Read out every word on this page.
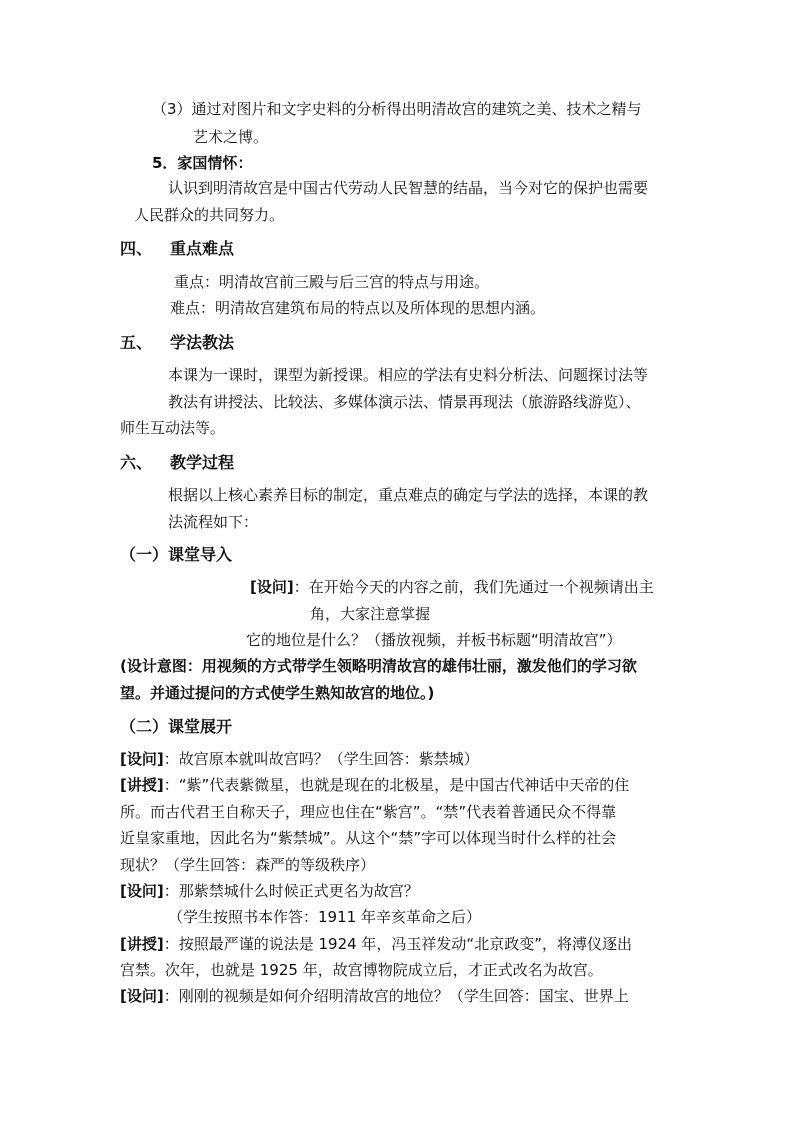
（3）通过对图片和文字史料的分析得出明清故宫的建筑之美、技术之精与
艺术之博。
5．家国情怀：
认识到明清故宫是中国古代劳动人民智慧的结晶，当今对它的保护也需要
人民群众的共同努力。
四、 重点难点
重点：明清故宫前三殿与后三宫的特点与用途。
难点：明清故宫建筑布局的特点以及所体现的思想内涵。
五、 学法教法
本课为一课时，课型为新授课。相应的学法有史料分析法、问题探讨法等
教法有讲授法、比较法、多媒体演示法、情景再现法（旅游路线游览）、
师生互动法等。
六、 教学过程
根据以上核心素养目标的制定，重点难点的确定与学法的选择，本课的教
法流程如下：
（一）课堂导入
[设问]：在开始今天的内容之前，我们先通过一个视频请出主
角，大家注意掌握
它的地位是什么？（播放视频，并板书标题“明清故宫”）
(设计意图：用视频的方式带学生领略明清故宫的雄伟壮丽，激发他们的学习欲
望。并通过提问的方式使学生熟知故宫的地位。)
（二）课堂展开
[设问]：故宫原本就叫故宫吗？（学生回答：紫禁城）
[讲授]：“紫”代表紫微星，也就是现在的北极星，是中国古代神话中天帝的住
所。而古代君王自称天子，理应也住在“紫宫”。“禁”代表着普通民众不得靠
近皇家重地，因此名为“紫禁城”。从这个“禁”字可以体现当时什么样的社会
现状？（学生回答：森严的等级秩序）
[设问]：那紫禁城什么时候正式更名为故宫？
（学生按照书本作答：1911 年辛亥革命之后）
[讲授]：按照最严谨的说法是 1924 年，冯玉祥发动“北京政变”，将溥仪逐出
宫禁。次年，也就是 1925 年，故宫博物院成立后，才正式改名为故宫。
[设问]：刚刚的视频是如何介绍明清故宫的地位？（学生回答：国宝、世界上
